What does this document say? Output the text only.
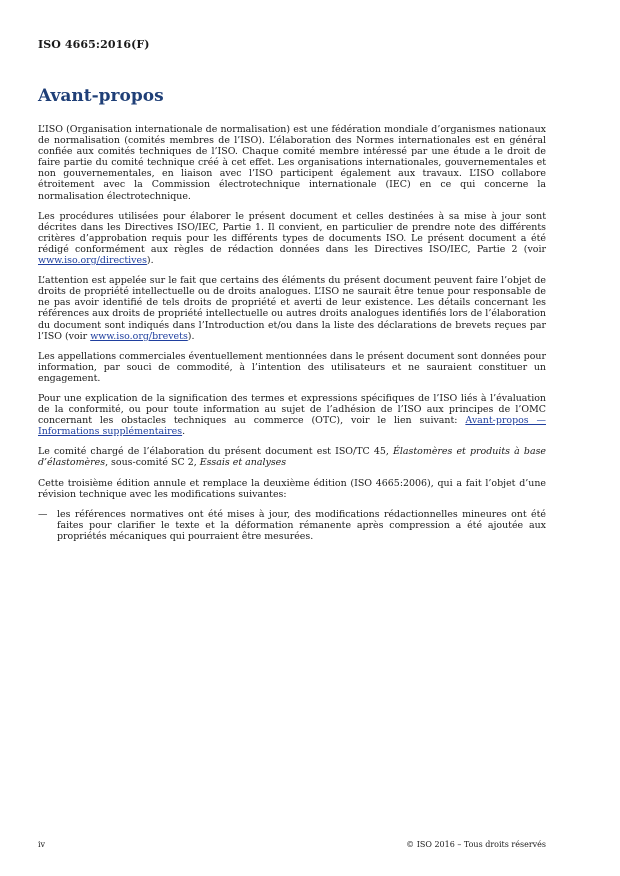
ISO 4665:2016(F)
Avant-propos

L’ISO (Organisation internationale de normalisation) est une fédération mondiale d’organismes nationaux de normalisation (comités membres de l’ISO). L’élaboration des Normes internationales est en général confiée aux comités techniques de l’ISO. Chaque comité membre intéressé par une étude a le droit de faire partie du comité technique créé à cet effet. Les organisations internationales, gouvernementales et non gouvernementales, en liaison avec l’ISO participent également aux travaux. L’ISO collabore étroitement avec la Commission électrotechnique internationale (IEC) en ce qui concerne la normalisation électrotechnique.

Les procédures utilisées pour élaborer le présent document et celles destinées à sa mise à jour sont décrites dans les Directives ISO/IEC, Partie 1. Il convient, en particulier de prendre note des différents critères d’approbation requis pour les différents types de documents ISO. Le présent document a été rédigé conformément aux règles de rédaction données dans les Directives ISO/IEC, Partie 2 (voir www.iso.org/directives).

L’attention est appelée sur le fait que certains des éléments du présent document peuvent faire l’objet de droits de propriété intellectuelle ou de droits analogues. L’ISO ne saurait être tenue pour responsable de ne pas avoir identifié de tels droits de propriété et averti de leur existence. Les détails concernant les références aux droits de propriété intellectuelle ou autres droits analogues identifiés lors de l’élaboration du document sont indiqués dans l’Introduction et/ou dans la liste des déclarations de brevets reçues par l’ISO (voir www.iso.org/brevets).

Les appellations commerciales éventuellement mentionnées dans le présent document sont données pour information, par souci de commodité, à l’intention des utilisateurs et ne sauraient constituer un engagement.

Pour une explication de la signification des termes et expressions spécifiques de l’ISO liés à l’évaluation de la conformité, ou pour toute information au sujet de l’adhésion de l’ISO aux principes de l’OMC concernant les obstacles techniques au commerce (OTC), voir le lien suivant: Avant-propos — Informations supplémentaires.

Le comité chargé de l’élaboration du présent document est ISO/TC 45, Élastomères et produits à base d’élastomères, sous-comité SC 2, Essais et analyses

Cette troisième édition annule et remplace la deuxième édition (ISO 4665:2006), qui a fait l’objet d’une révision technique avec les modifications suivantes:

—	les références normatives ont été mises à jour, des modifications rédactionnelles mineures ont été faites pour clarifier le texte et la déformation rémanente après compression a été ajoutée aux propriétés mécaniques qui pourraient être mesurées.
iv	© ISO 2016 – Tous droits réservés
